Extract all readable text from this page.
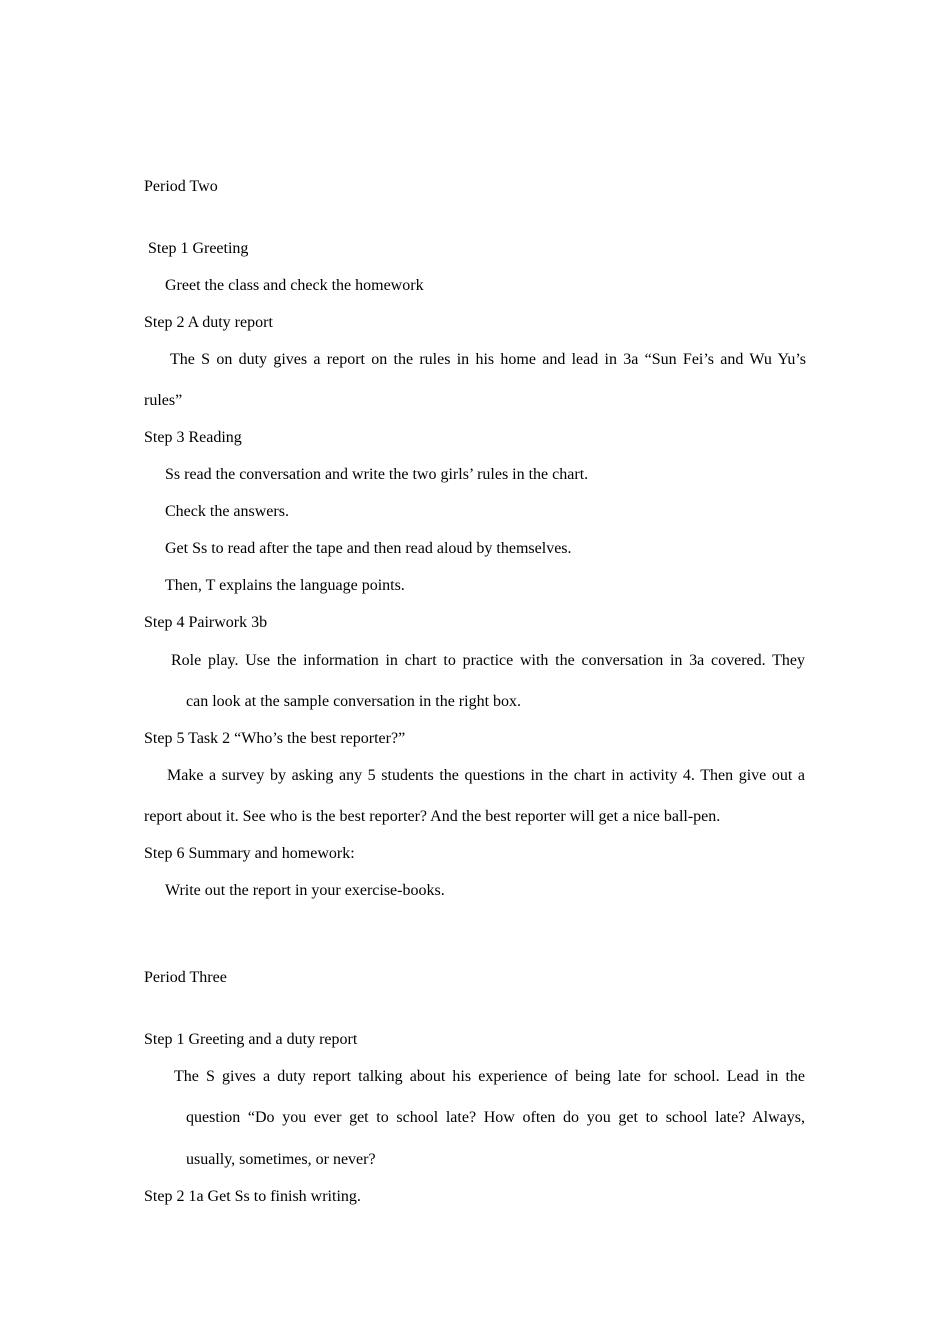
Period Two
Step 1 Greeting
Greet the class and check the homework
Step 2 A duty report
The S on duty gives a report on the rules in his home and lead in 3a “Sun Fei’s and Wu Yu’s
rules”
Step 3 Reading
Ss read the conversation and write the two girls’ rules in the chart.
Check the answers.
Get Ss to read after the tape and then read aloud by themselves.
Then, T explains the language points.
Step 4 Pairwork 3b
Role play. Use the information in chart to practice with the conversation in 3a covered. They
can look at the sample conversation in the right box.
Step 5 Task 2 “Who’s the best reporter?”
Make a survey by asking any 5 students the questions in the chart in activity 4. Then give out a
report about it. See who is the best reporter? And the best reporter will get a nice ball-pen.
Step 6 Summary and homework:
Write out the report in your exercise-books.
Period Three
Step 1 Greeting and a duty report
The S gives a duty report talking about his experience of being late for school. Lead in the
question “Do you ever get to school late? How often do you get to school late? Always,
usually, sometimes, or never?
Step 2 1a Get Ss to finish writing.
